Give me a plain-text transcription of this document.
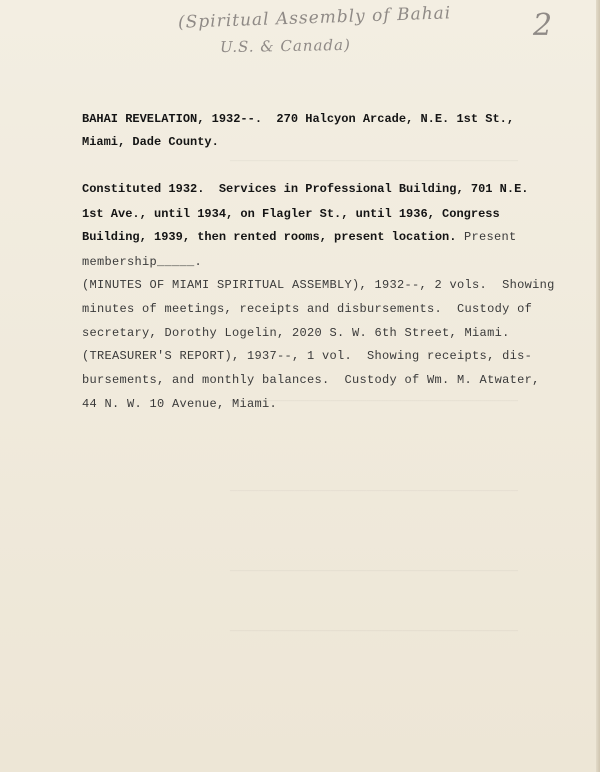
________________________________________
________________________________________
________________________________________
________________________________________
________________________________________
(Spiritual Assembly of Bahai
U.S. & Canada)
2
BAHAI REVELATION, 1932--.  270 Halcyon Arcade, N.E. 1st St.,
Miami, Dade County.
Constituted 1932.  Services in Professional Building, 701 N.E.
1st Ave., until 1934, on Flagler St., until 1936, Congress
Building, 1939, then rented rooms, present location. Present
membership_____.
(MINUTES OF MIAMI SPIRITUAL ASSEMBLY), 1932--, 2 vols.  Showing
minutes of meetings, receipts and disbursements.  Custody of
secretary, Dorothy Logelin, 2020 S. W. 6th Street, Miami.
(TREASURER'S REPORT), 1937--, 1 vol.  Showing receipts, dis-
bursements, and monthly balances.  Custody of Wm. M. Atwater,
44 N. W. 10 Avenue, Miami.
